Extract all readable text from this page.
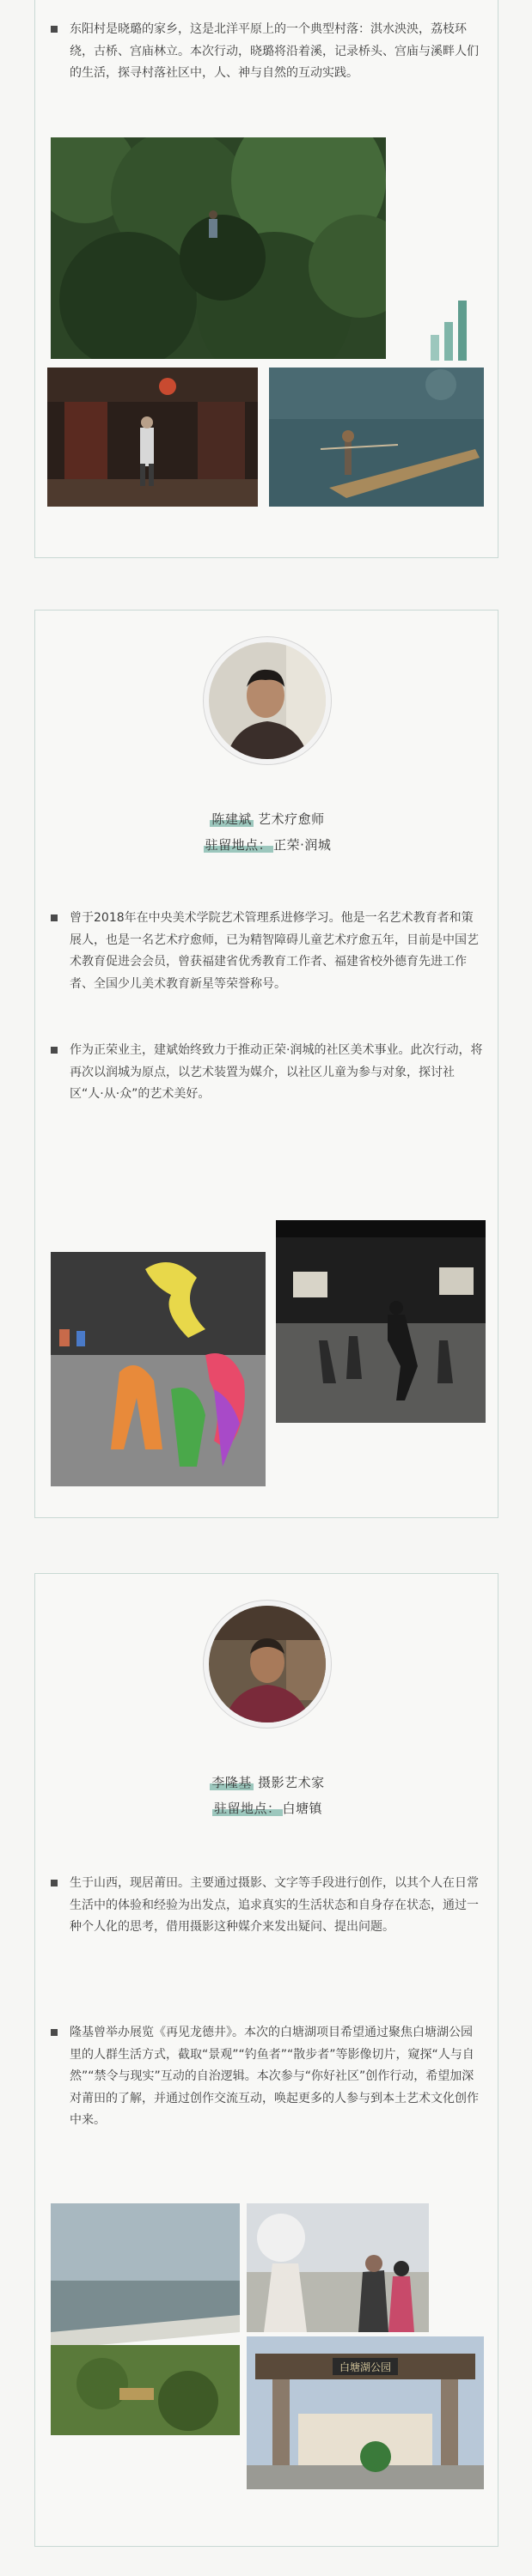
东阳村是晓璐的家乡，这是北洋平原上的一个典型村落：淇水泱泱，荔枝环绕，古桥、宫庙林立。本次行动，晓璐将沿着溪，记录桥头、宫庙与溪畔人们的生活，探寻村落社区中，人、神与自然的互动实践。
陈建斌 艺术疗愈师
驻留地点： 正荣·润城
曾于2018年在中央美术学院艺术管理系进修学习。他是一名艺术教育者和策展人，也是一名艺术疗愈师，已为精智障碍儿童艺术疗愈五年，目前是中国艺术教育促进会会员，曾获福建省优秀教育工作者、福建省校外德育先进工作者、全国少儿美术教育新星等荣誉称号。
作为正荣业主，建斌始终致力于推动正荣·润城的社区美术事业。此次行动，将再次以润城为原点，以艺术装置为媒介，以社区儿童为参与对象，探讨社区“人·从·众”的艺术美好。
李隆基 摄影艺术家
驻留地点： 白塘镇
生于山西，现居莆田。主要通过摄影、文字等手段进行创作，以其个人在日常生活中的体验和经验为出发点，追求真实的生活状态和自身存在状态，通过一种个人化的思考，借用摄影这种媒介来发出疑问、提出问题。
隆基曾举办展览《再见龙德井》。本次的白塘湖项目希望通过聚焦白塘湖公园里的人群生活方式，截取“景观”“钓鱼者”“散步者”等影像切片，窥探“人与自然”“禁令与现实”互动的自治逻辑。本次参与“你好社区”创作行动，希望加深对莆田的了解，并通过创作交流互动，唤起更多的人参与到本土艺术文化创作中来。
白塘湖公园
